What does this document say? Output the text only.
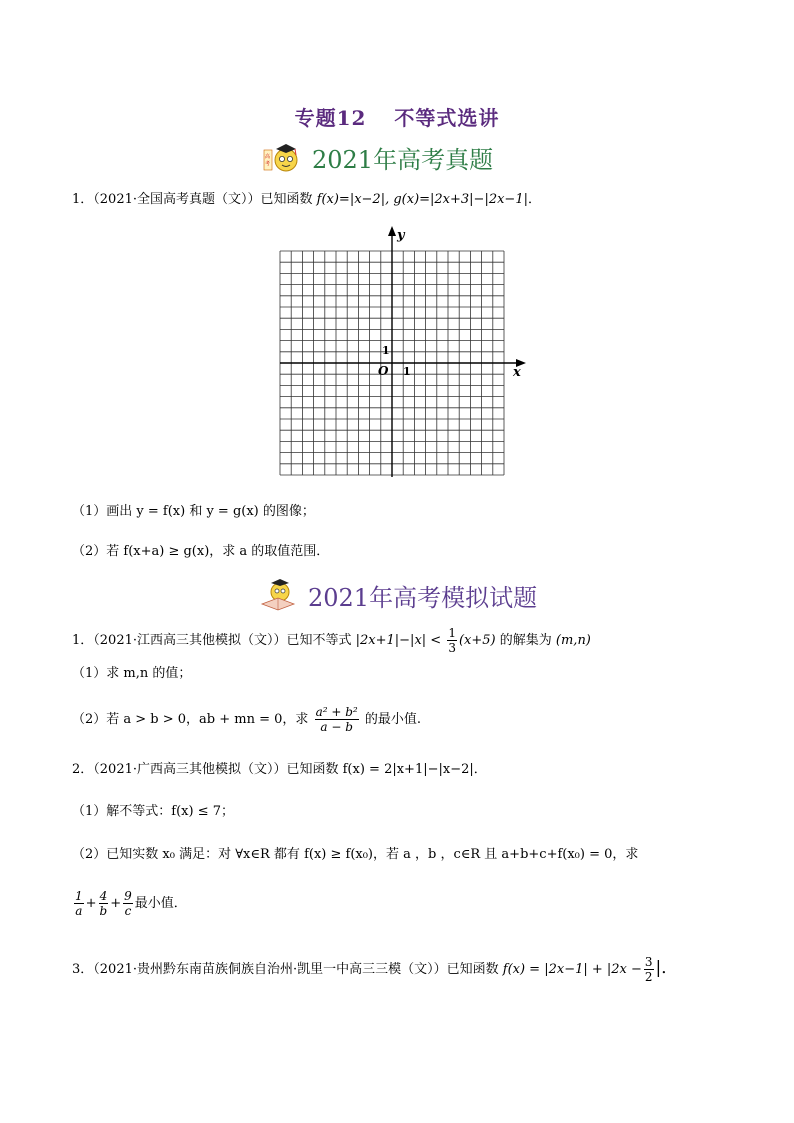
专题12 不等式选讲
高
考 2021年高考真题
1．（2021·全国高考真题（文））已知函数 f(x)=|x−2|, g(x)=|2x+3|−|2x−1|．
y
x
O 1
1
（1）画出 y = f(x) 和 y = g(x) 的图像；
（2）若 f(x+a) ≥ g(x)，求 a 的取值范围．
2021年高考模拟试题
1．（2021·江西高三其他模拟（文））已知不等式 $|2x+1|-|x| < \frac{1}{3} (x+5)$ 的解集为 (m,n)
（1）求 m,n 的值；
（2）若 a > b > 0，ab + mn = 0，求 $\frac{\text{a² + b²}}{a - b}$ 的最小值.
2．（2021·广西高三其他模拟（文））已知函数 f(x) = 2|x+1|−|x−2|．
（1）解不等式：f(x) ≤ 7；
（2）已知实数 x₀ 满足：对 ∀x∈R 都有 f(x) ≥ f(x₀)，若 a ，b ，c∈R 且 a+b+c+f(x₀) = 0，求
$\frac{1}{a} + \frac{4}{b} + \frac{9}{c}$ 最小值．
3．（2021·贵州黔东南苗族侗族自治州·凯里一中高三三模（文））已知函数 $f(x) = |2x-1| + |2x - \frac{3}{2}$ |．
